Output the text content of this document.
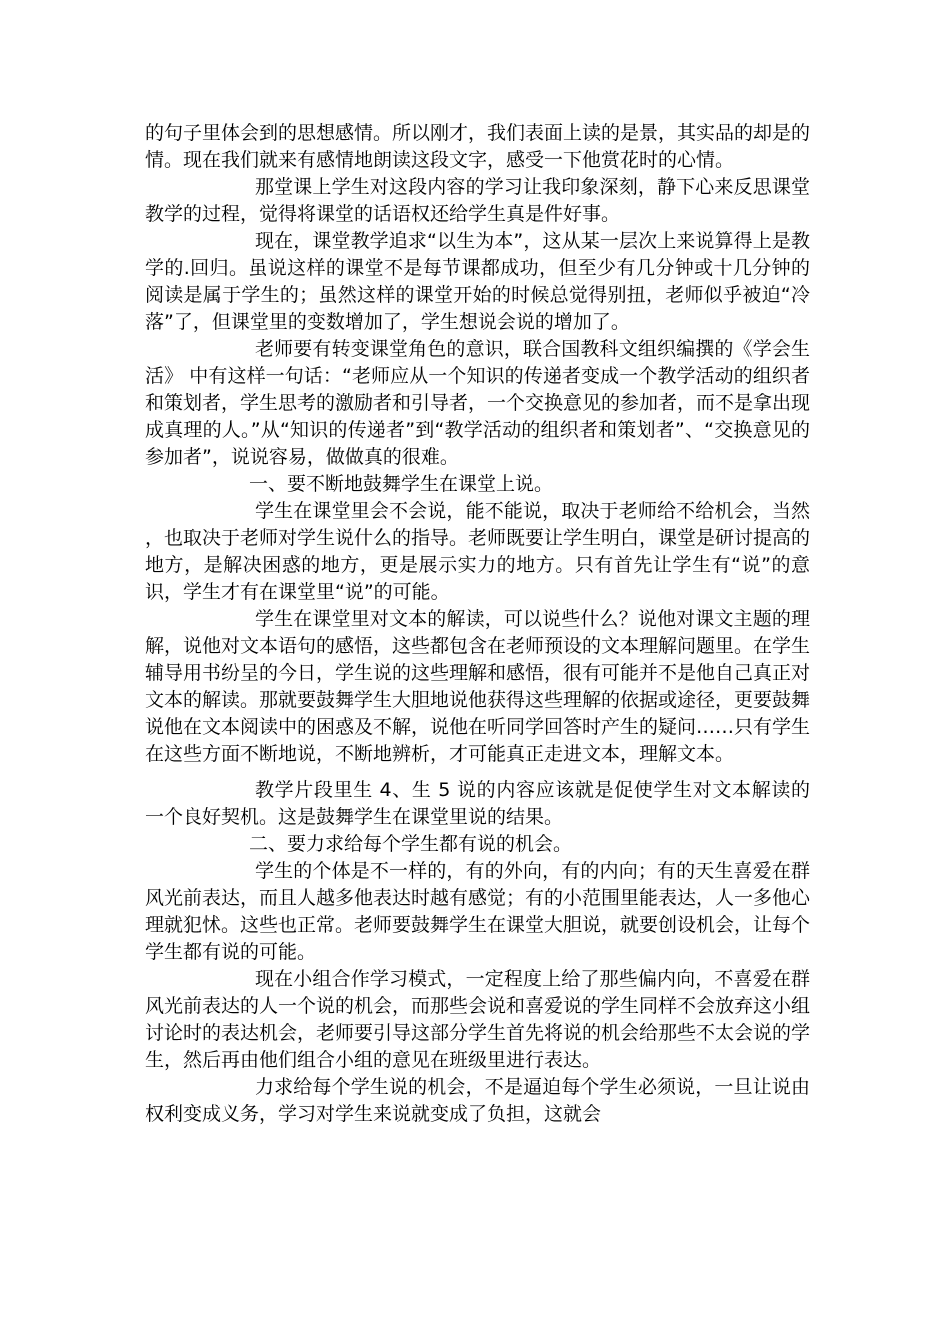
的句子里体会到的思想感情。所以刚才，我们表面上读的是景，其实品的却是的情。现在我们就来有感情地朗读这段文字，感受一下他赏花时的心情。

那堂课上学生对这段内容的学习让我印象深刻，静下心来反思课堂教学的过程，觉得将课堂的话语权还给学生真是件好事。

现在，课堂教学追求“以生为本”，这从某一层次上来说算得上是教学的.回归。虽说这样的课堂不是每节课都成功，但至少有几分钟或十几分钟的阅读是属于学生的；虽然这样的课堂开始的时候总觉得别扭，老师似乎被迫“冷落”了，但课堂里的变数增加了，学生想说会说的增加了。

老师要有转变课堂角色的意识，联合国教科文组织编撰的《学会生活》 中有这样一句话：“老师应从一个知识的传递者变成一个教学活动的组织者和策划者，学生思考的激励者和引导者，一个交换意见的参加者，而不是拿出现成真理的人。”从“知识的传递者”到“教学活动的组织者和策划者”、“交换意见的参加者”，说说容易，做做真的很难。

一、要不断地鼓舞学生在课堂上说。

学生在课堂里会不会说，能不能说，取决于老师给不给机会，当然，也取决于老师对学生说什么的指导。老师既要让学生明白，课堂是研讨提高的地方，是解决困惑的地方，更是展示实力的地方。只有首先让学生有“说”的意识，学生才有在课堂里“说”的可能。

学生在课堂里对文本的解读，可以说些什么？说他对课文主题的理解，说他对文本语句的感悟，这些都包含在老师预设的文本理解问题里。在学生辅导用书纷呈的今日，学生说的这些理解和感悟，很有可能并不是他自己真正对文本的解读。那就要鼓舞学生大胆地说他获得这些理解的依据或途径，更要鼓舞说他在文本阅读中的困惑及不解，说他在听同学回答时产生的疑问……只有学生在这些方面不断地说，不断地辨析，才可能真正走进文本，理解文本。

教学片段里生 4、生 5 说的内容应该就是促使学生对文本解读的一个良好契机。这是鼓舞学生在课堂里说的结果。

二、要力求给每个学生都有说的机会。

学生的个体是不一样的，有的外向，有的内向；有的天生喜爱在群风光前表达，而且人越多他表达时越有感觉；有的小范围里能表达，人一多他心理就犯怵。这些也正常。老师要鼓舞学生在课堂大胆说，就要创设机会，让每个学生都有说的可能。

现在小组合作学习模式，一定程度上给了那些偏内向，不喜爱在群风光前表达的人一个说的机会，而那些会说和喜爱说的学生同样不会放弃这小组讨论时的表达机会，老师要引导这部分学生首先将说的机会给那些不太会说的学生，然后再由他们组合小组的意见在班级里进行表达。

力求给每个学生说的机会，不是逼迫每个学生必须说，一旦让说由权利变成义务，学习对学生来说就变成了负担，这就会
